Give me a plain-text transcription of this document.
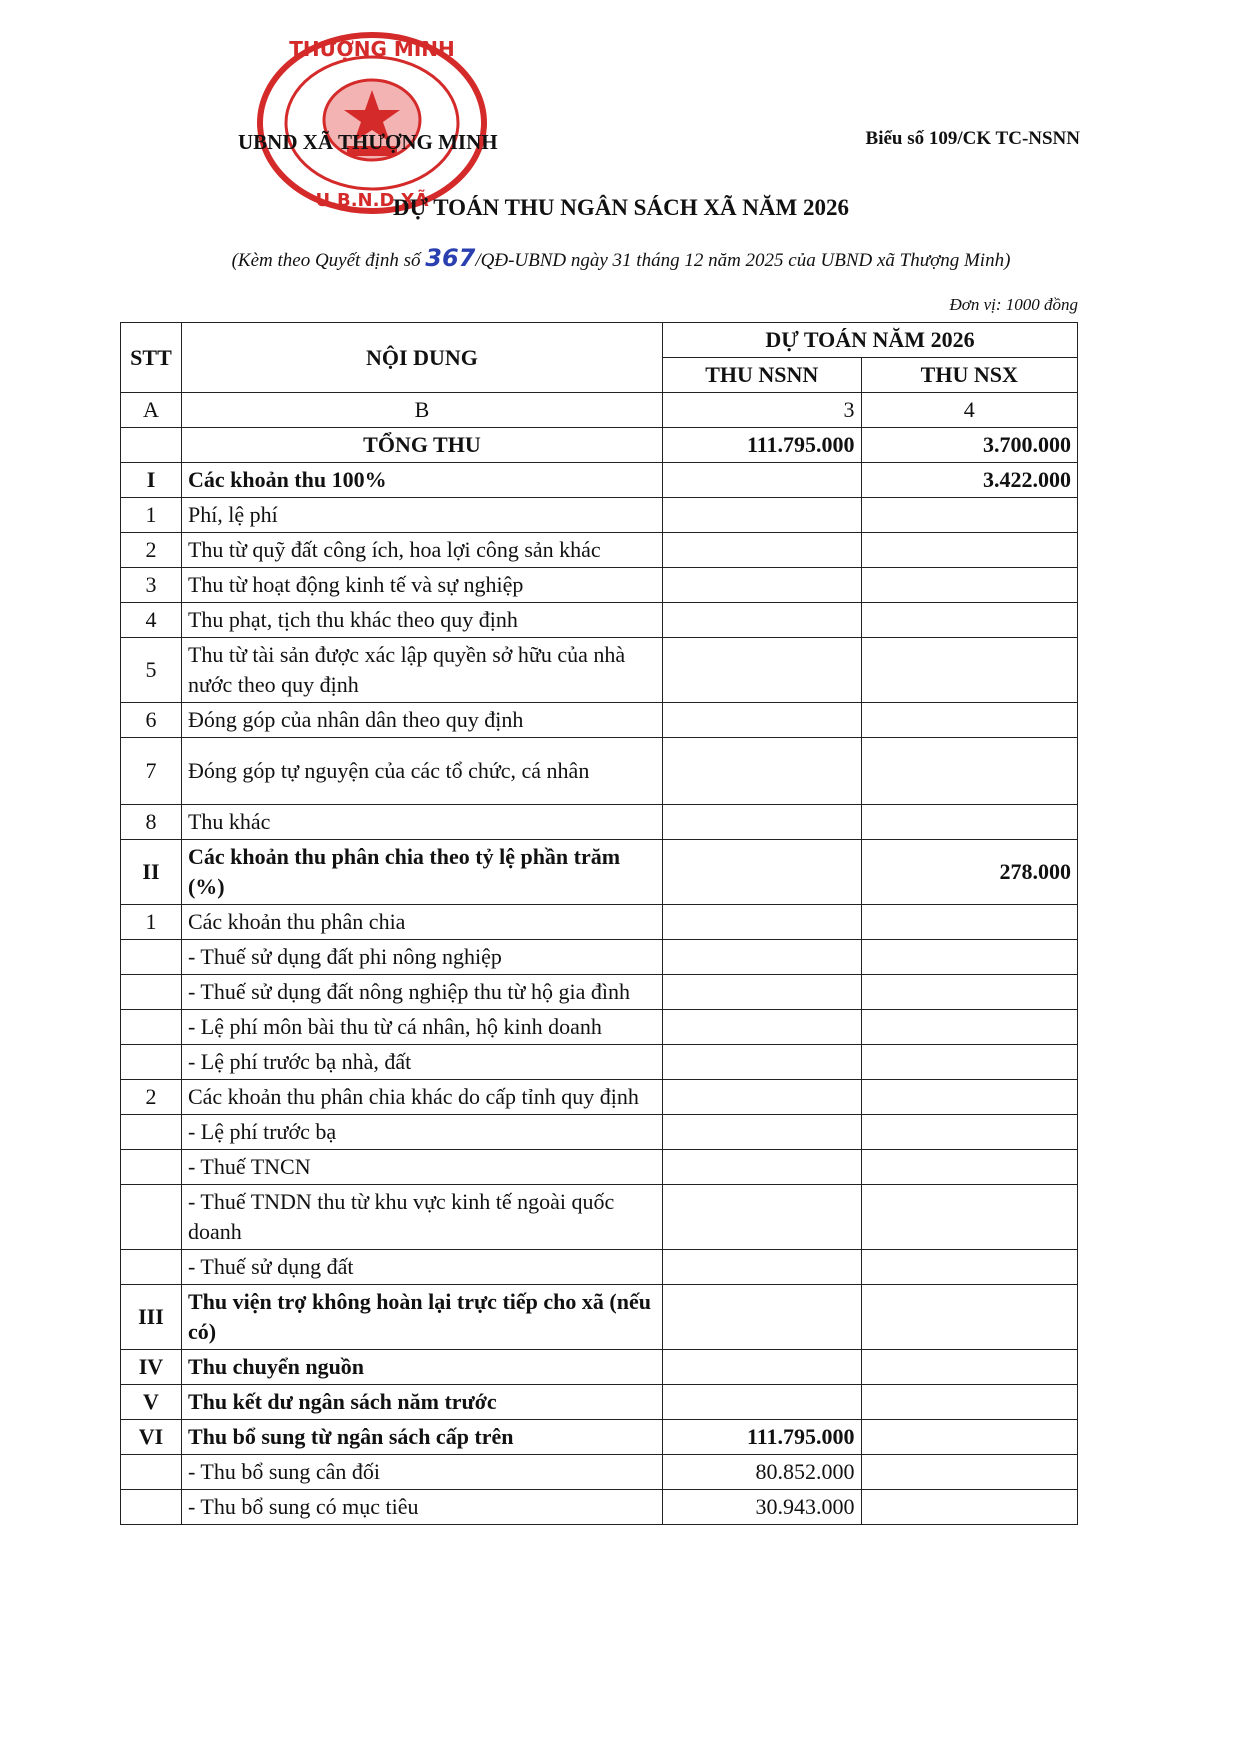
THƯỢNG MINH
U.B.N.D XÃ
UBND XÃ THƯỢNG MINH	Biểu số 109/CK TC-NSNN
DỰ TOÁN THU NGÂN SÁCH XÃ NĂM 2026
(Kèm theo Quyết định số 367/QĐ-UBND ngày 31 tháng 12 năm 2025 của UBND xã Thượng Minh)
Đơn vị: 1000 đồng
STT	NỘI DUNG	DỰ TOÁN NĂM 2026	
		THU NSNN	THU NSX
A	B	3	4
	TỔNG THU	111.795.000	3.700.000
I	Các khoản thu 100%		3.422.000
1	Phí, lệ phí		
2	Thu từ quỹ đất công ích, hoa lợi công sản khác		
3	Thu từ hoạt động kinh tế và sự nghiệp		
4	Thu phạt, tịch thu khác theo quy định		
5	Thu từ tài sản được xác lập quyền sở hữu của nhà nước theo quy định		
6	Đóng góp của nhân dân theo quy định		
7	Đóng góp tự nguyện của các tổ chức, cá nhân		
8	Thu khác		
II	Các khoản thu phân chia theo tỷ lệ phần trăm (%)		278.000
1	Các khoản thu phân chia		
	- Thuế sử dụng đất phi nông nghiệp		
	- Thuế sử dụng đất nông nghiệp thu từ hộ gia đình		
	- Lệ phí môn bài thu từ cá nhân, hộ kinh doanh		
	- Lệ phí trước bạ nhà, đất		
2	Các khoản thu phân chia khác do cấp tỉnh quy định		
	- Lệ phí trước bạ		
	- Thuế TNCN		
	- Thuế TNDN thu từ khu vực kinh tế ngoài quốc doanh		
	- Thuế sử dụng đất		
III	Thu viện trợ không hoàn lại trực tiếp cho xã (nếu có)		
IV	Thu chuyển nguồn		
V	Thu kết dư ngân sách năm trước		
VI	Thu bổ sung từ ngân sách cấp trên	111.795.000	
	- Thu bổ sung cân đối	80.852.000	
	- Thu bổ sung có mục tiêu	30.943.000	
